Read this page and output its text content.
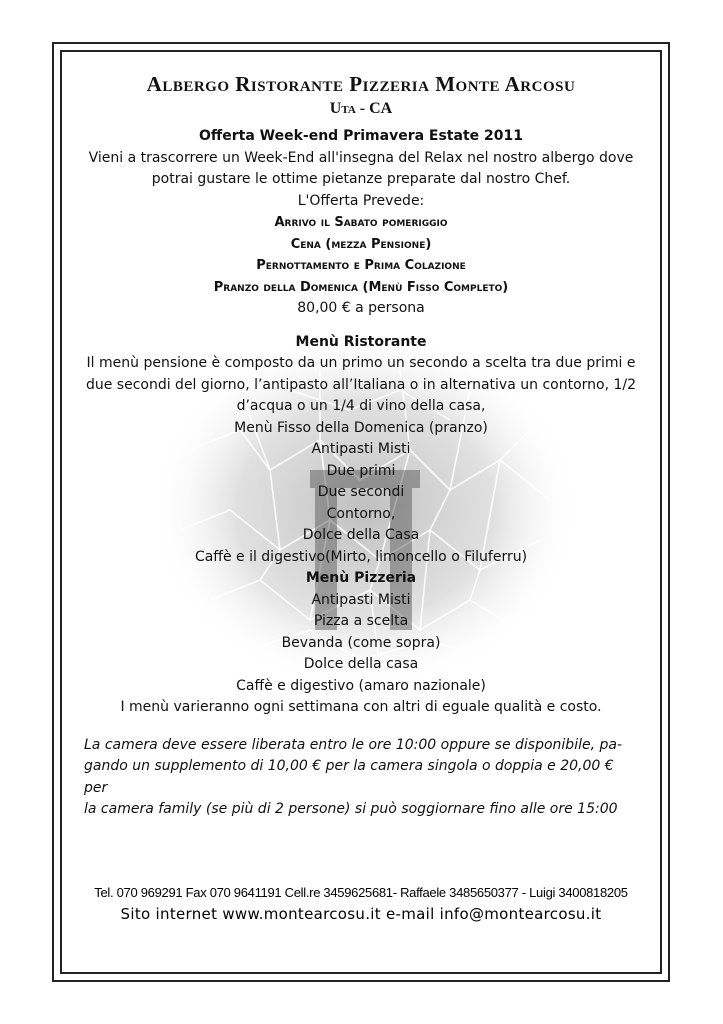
Albergo Ristorante Pizzeria Monte Arcosu

Uta - CA

Offerta Week-end Primavera Estate 2011

Vieni a trascorrere un Week-End all'insegna del Relax nel nostro albergo dove

potrai gustare le ottime pietanze preparate dal nostro Chef.

L'Offerta Prevede:

Arrivo il Sabato pomeriggio

Cena (mezza Pensione)

Pernottamento e Prima Colazione

Pranzo della Domenica (Menù Fisso Completo)

80,00 € a persona

Menù Ristorante

Il menù pensione è composto da un primo un secondo a scelta tra due primi e

due secondi del giorno, l’antipasto all’Italiana o in alternativa un contorno, 1/2

d’acqua o un 1/4 di vino della casa,

Menù Fisso della Domenica (pranzo)

Antipasti Misti

Due primi

Due secondi

Contorno,

Dolce della Casa

Caffè e il digestivo(Mirto, limoncello o Filuferru)

Menù Pizzeria

Antipasti Misti

Pizza a scelta

Bevanda (come sopra)

Dolce della casa

Caffè e digestivo (amaro nazionale)

I menù varieranno ogni settimana con altri di eguale qualità e costo.

La camera deve essere liberata entro le ore 10:00 oppure se disponibile, pa-
gando un supplemento di 10,00 € per la camera singola o doppia e 20,00 € per
la camera family (se più di 2 persone) si può soggiornare fino alle ore 15:00

Tel. 070 969291 Fax 070 9641191 Cell.re 3459625681- Raffaele 3485650377 - Luigi 3400818205

Sito internet www.montearcosu.it e-mail info@montearcosu.it
